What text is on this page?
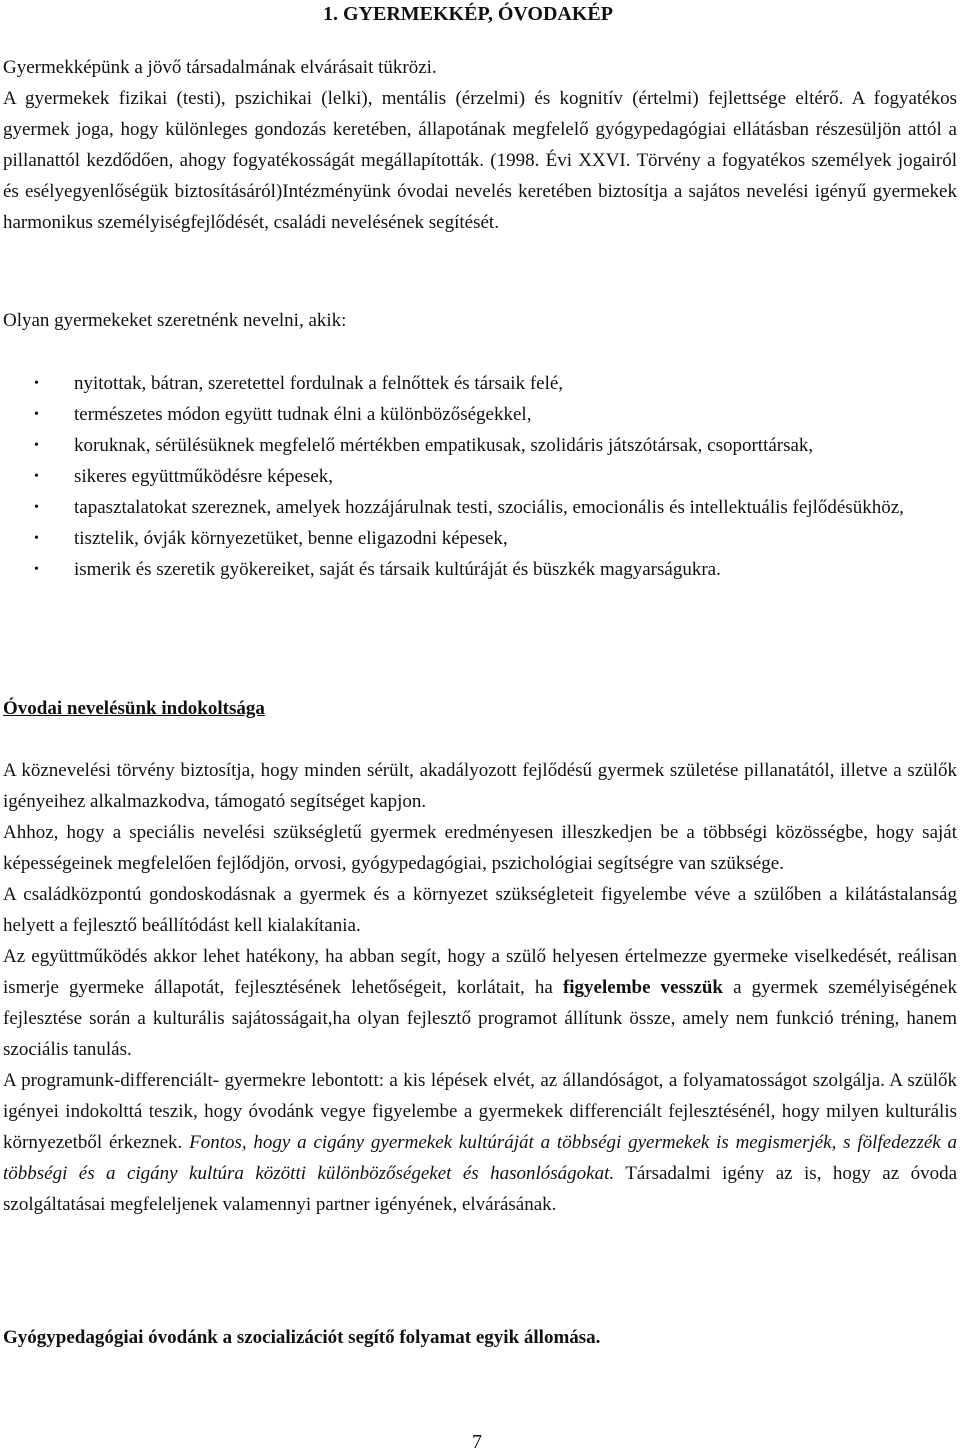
1. GYERMEKKÉP, ÓVODAKÉP

Gyermekképünk a jövő társadalmának elvárásait tükrözi.

A gyermekek fizikai (testi), pszichikai (lelki), mentális (érzelmi) és kognitív (értelmi) fejlettsége eltérő. A fogyatékos gyermek joga, hogy különleges gondozás keretében, állapotának megfelelő gyógypedagógiai ellátásban részesüljön attól a pillanattól kezdődően, ahogy fogyatékosságát megállapították. (1998. Évi XXVI. Törvény a fogyatékos személyek jogairól és esélyegyenlőségük biztosításáról)Intézményünk óvodai nevelés keretében biztosítja a sajátos nevelési igényű gyermekek harmonikus személyiségfejlődését, családi nevelésének segítését.

Olyan gyermekeket szeretnénk nevelni, akik:

• nyitottak, bátran, szeretettel fordulnak a felnőttek és társaik felé,
• természetes módon együtt tudnak élni a különbözőségekkel,
• koruknak, sérülésüknek megfelelő mértékben empatikusak, szolidáris játszótársak, csoporttársak,
• sikeres együttműködésre képesek,
• tapasztalatokat szereznek, amelyek hozzájárulnak testi, szociális, emocionális és intellektuális fejlődésükhöz,
• tisztelik, óvják környezetüket, benne eligazodni képesek,
• ismerik és szeretik gyökereiket, saját és társaik kultúráját és büszkék magyarságukra.
Óvodai nevelésünk indokoltsága

A köznevelési törvény biztosítja, hogy minden sérült, akadályozott fejlődésű gyermek születése pillanatától, illetve a szülők igényeihez alkalmazkodva, támogató segítséget kapjon.

Ahhoz, hogy a speciális nevelési szükségletű gyermek eredményesen illeszkedjen be a többségi közösségbe, hogy saját képességeinek megfelelően fejlődjön, orvosi, gyógypedagógiai, pszichológiai segítségre van szüksége.

A családközpontú gondoskodásnak a gyermek és a környezet szükségleteit figyelembe véve a szülőben a kilátástalanság helyett a fejlesztő beállítódást kell kialakítania.

Az együttműködés akkor lehet hatékony, ha abban segít, hogy a szülő helyesen értelmezze gyermeke viselkedését, reálisan ismerje gyermeke állapotát, fejlesztésének lehetőségeit, korlátait, ha figyelembe vesszük a gyermek személyiségének fejlesztése során a kulturális sajátosságait,ha olyan fejlesztő programot állítunk össze, amely nem funkció tréning, hanem szociális tanulás.

A programunk-differenciált- gyermekre lebontott: a kis lépések elvét, az állandóságot, a folyamatosságot szolgálja. A szülők igényei indokolttá teszik, hogy óvodánk vegye figyelembe a gyermekek differenciált fejlesztésénél, hogy milyen kulturális környezetből érkeznek. Fontos, hogy a cigány gyermekek kultúráját a többségi gyermekek is megismerjék, s fölfedezzék a többségi és a cigány kultúra közötti különbözőségeket és hasonlóságokat. Társadalmi igény az is, hogy az óvoda szolgáltatásai megfeleljenek valamennyi partner igényének, elvárásának.

Gyógypedagógiai óvodánk a szocializációt segítő folyamat egyik állomása.

7
